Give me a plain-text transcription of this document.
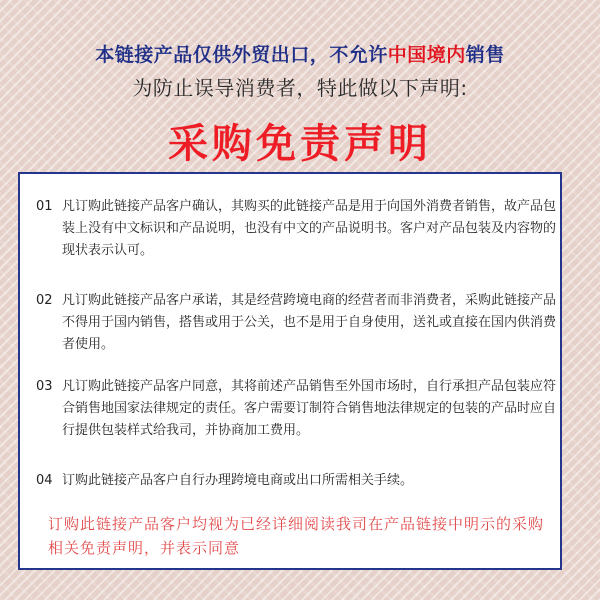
本链接产品仅供外贸出口，不允许中国境内销售
为防止误导消费者，特此做以下声明:
采购免责声明
01 凡订购此链接产品客户确认，其购买的此链接产品是用于向国外消费者销售，故产品包装上没有中文标识和产品说明，也没有中文的产品说明书。客户对产品包装及内容物的现状表示认可。
02 凡订购此链接产品客户承诺，其是经营跨境电商的经营者而非消费者，采购此链接产品不得用于国内销售，搭售或用于公关，也不是用于自身使用，送礼或直接在国内供消费者使用。
03 凡订购此链接产品客户同意，其将前述产品销售至外国市场时，自行承担产品包装应符合销售地国家法律规定的责任。客户需要订制符合销售地法律规定的包装的产品时应自行提供包装样式给我司，并协商加工费用。
04 订购此链接产品客户自行办理跨境电商或出口所需相关手续。
订购此链接产品客户均视为已经详细阅读我司在产品链接中明示的采购相关免责声明，并表示同意
